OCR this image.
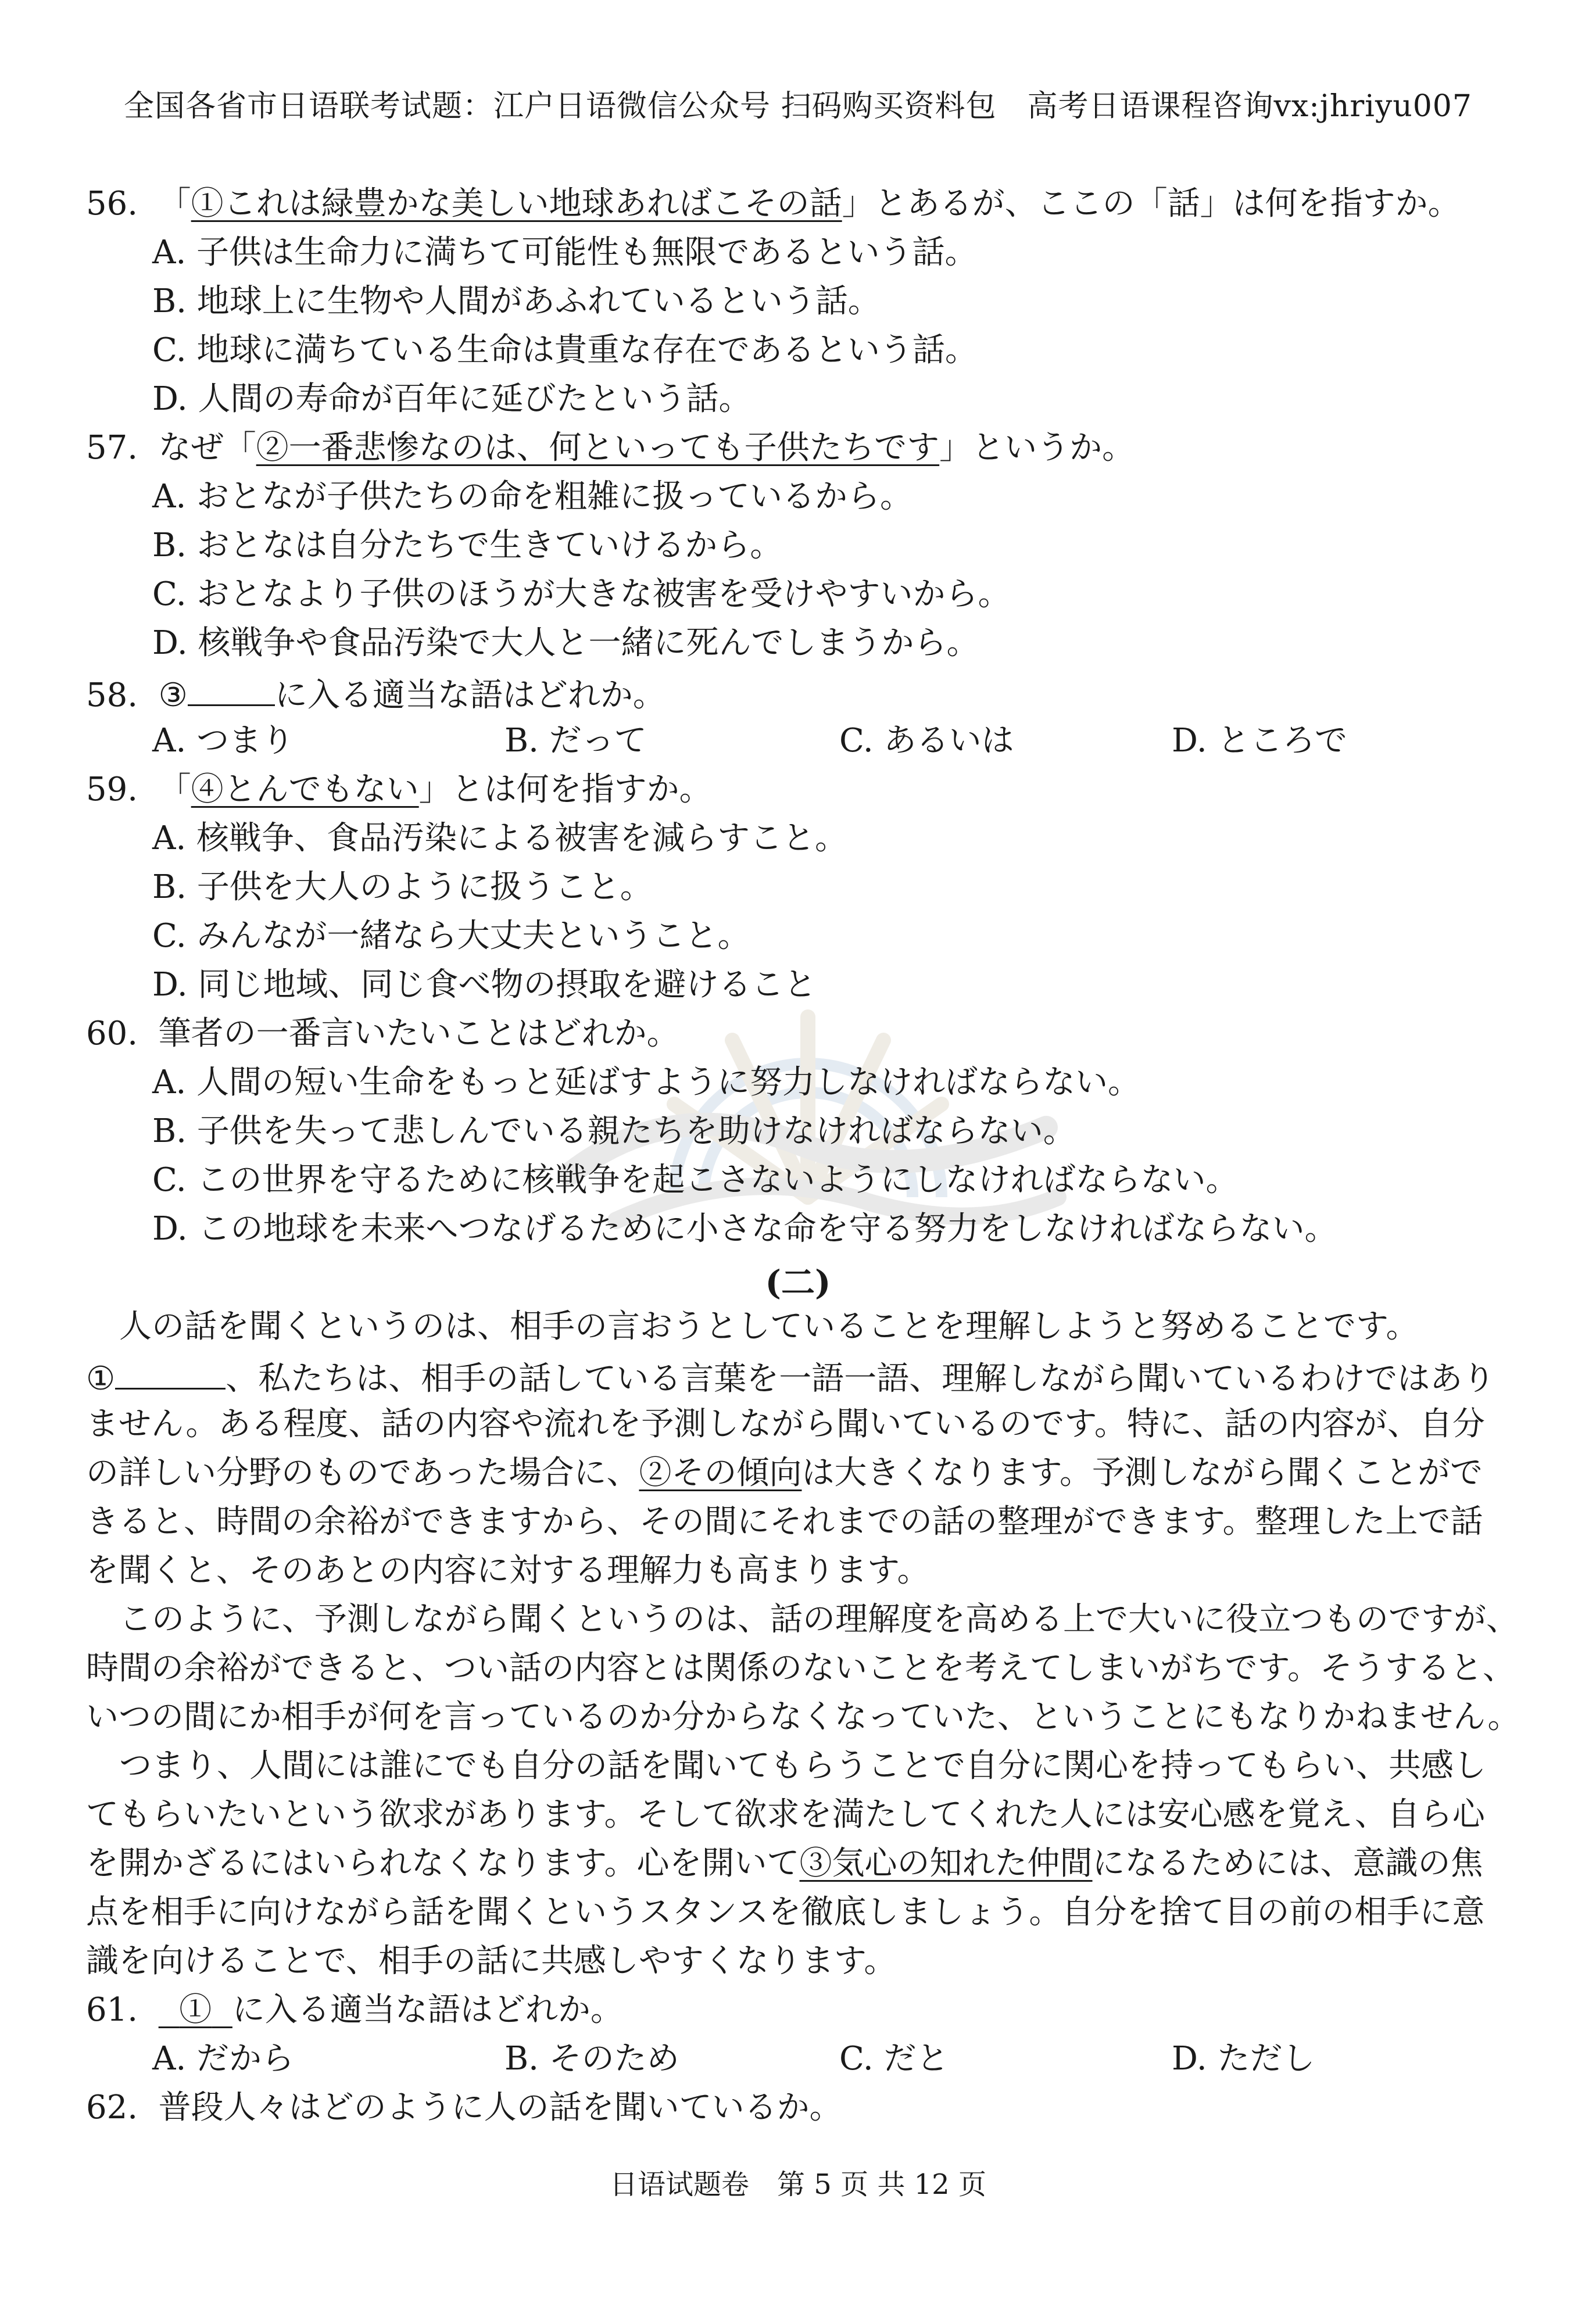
全国各省市日语联考试题：江户日语微信公众号 扫码购买资料包　高考日语课程咨询vx:jhriyu007
56. 「①これは緑豊かな美しい地球あればこその話」とあるが、ここの「話」は何を指すか。
A. 子供は生命力に満ちて可能性も無限であるという話。
B. 地球上に生物や人間があふれているという話。
C. 地球に満ちている生命は貴重な存在であるという話。
D. 人間の寿命が百年に延びたという話。
57. なぜ「②一番悲惨なのは、何といっても子供たちです」というか。
A. おとなが子供たちの命を粗雑に扱っているから。
B. おとなは自分たちで生きていけるから。
C. おとなより子供のほうが大きな被害を受けやすいから。
D. 核戦争や食品汚染で大人と一緒に死んでしまうから。
58. ③	に入る適当な語はどれか。
A. つまり	B. だって	C. あるいは	D. ところで
59. 「④とんでもない」とは何を指すか。
A. 核戦争、食品汚染による被害を減らすこと。
B. 子供を大人のように扱うこと。
C. みんなが一緒なら大丈夫ということ。
D. 同じ地域、同じ食べ物の摂取を避けること
60. 筆者の一番言いたいことはどれか。
A. 人間の短い生命をもっと延ばすように努力しなければならない。
B. 子供を失って悲しんでいる親たちを助けなければならない。
C. この世界を守るために核戦争を起こさないようにしなければならない。
D. この地球を未来へつなげるために小さな命を守る努力をしなければならない。
(二)
人の話を聞くというのは、相手の言おうとしていることを理解しようと努めることです。
①	、私たちは、相手の話している言葉を一語一語、理解しながら聞いているわけではあり
ません。ある程度、話の内容や流れを予測しながら聞いているのです。特に、話の内容が、自分
の詳しい分野のものであった場合に、②その傾向は大きくなります。予測しながら聞くことがで
きると、時間の余裕ができますから、その間にそれまでの話の整理ができます。整理した上で話
を聞くと、そのあとの内容に対する理解力も高まります。
このように、予測しながら聞くというのは、話の理解度を高める上で大いに役立つものですが、
時間の余裕ができると、つい話の内容とは関係のないことを考えてしまいがちです。そうすると、
いつの間にか相手が何を言っているのか分からなくなっていた、ということにもなりかねません。
つまり、人間には誰にでも自分の話を聞いてもらうことで自分に関心を持ってもらい、共感し
てもらいたいという欲求があります。そして欲求を満たしてくれた人には安心感を覚え、自ら心
を開かざるにはいられなくなります。心を開いて③気心の知れた仲間になるためには、意識の焦
点を相手に向けながら話を聞くというスタンスを徹底しましょう。自分を捨て目の前の相手に意
識を向けることで、相手の話に共感しやすくなります。
61. ① に入る適当な語はどれか。
A. だから	B. そのため	C. だと	D. ただし
62. 普段人々はどのように人の話を聞いているか。
日语试题卷　第 5 页 共 12 页
